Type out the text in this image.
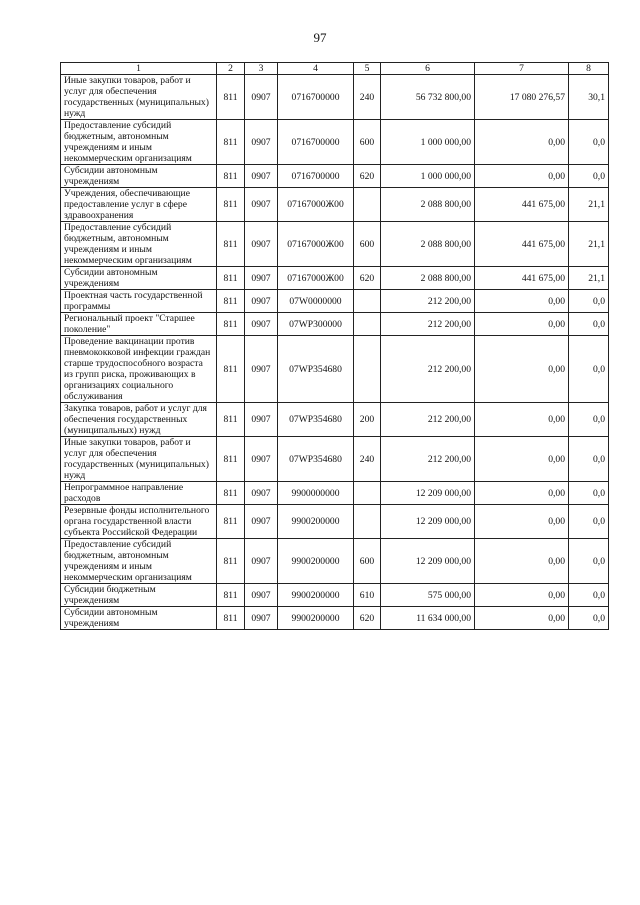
97
1	2	3	4	5	6	7	8
Иные закупки товаров, работ и услуг для обеспечения государственных (муниципальных) нужд	811	0907	0716700000	240	56 732 800,00	17 080 276,57	30,1
Предоставление субсидий бюджетным, автономным учреждениям и иным некоммерческим организациям	811	0907	0716700000	600	1 000 000,00	0,00	0,0
Субсидии автономным учреждениям	811	0907	0716700000	620	1 000 000,00	0,00	0,0
Учреждения, обеспечивающие предоставление услуг в сфере здравоохранения	811	0907	07167000Ж00		2 088 800,00	441 675,00	21,1
Предоставление субсидий бюджетным, автономным учреждениям и иным некоммерческим организациям	811	0907	07167000Ж00	600	2 088 800,00	441 675,00	21,1
Субсидии автономным учреждениям	811	0907	07167000Ж00	620	2 088 800,00	441 675,00	21,1
Проектная часть государственной программы	811	0907	07W0000000		212 200,00	0,00	0,0
Региональный проект "Старшее поколение"	811	0907	07WP300000		212 200,00	0,00	0,0
Проведение вакцинации против пневмококковой инфекции граждан старше трудоспособного возраста из групп риска, проживающих в организациях социального обслуживания	811	0907	07WP354680		212 200,00	0,00	0,0
Закупка товаров, работ и услуг для обеспечения государственных (муниципальных) нужд	811	0907	07WP354680	200	212 200,00	0,00	0,0
Иные закупки товаров, работ и услуг для обеспечения государственных (муниципальных) нужд	811	0907	07WP354680	240	212 200,00	0,00	0,0
Непрограммное направление расходов	811	0907	9900000000		12 209 000,00	0,00	0,0
Резервные фонды исполнительного органа государственной власти субъекта Российской Федерации	811	0907	9900200000		12 209 000,00	0,00	0,0
Предоставление субсидий бюджетным, автономным учреждениям и иным некоммерческим организациям	811	0907	9900200000	600	12 209 000,00	0,00	0,0
Субсидии бюджетным учреждениям	811	0907	9900200000	610	575 000,00	0,00	0,0
Субсидии автономным учреждениям	811	0907	9900200000	620	11 634 000,00	0,00	0,0
